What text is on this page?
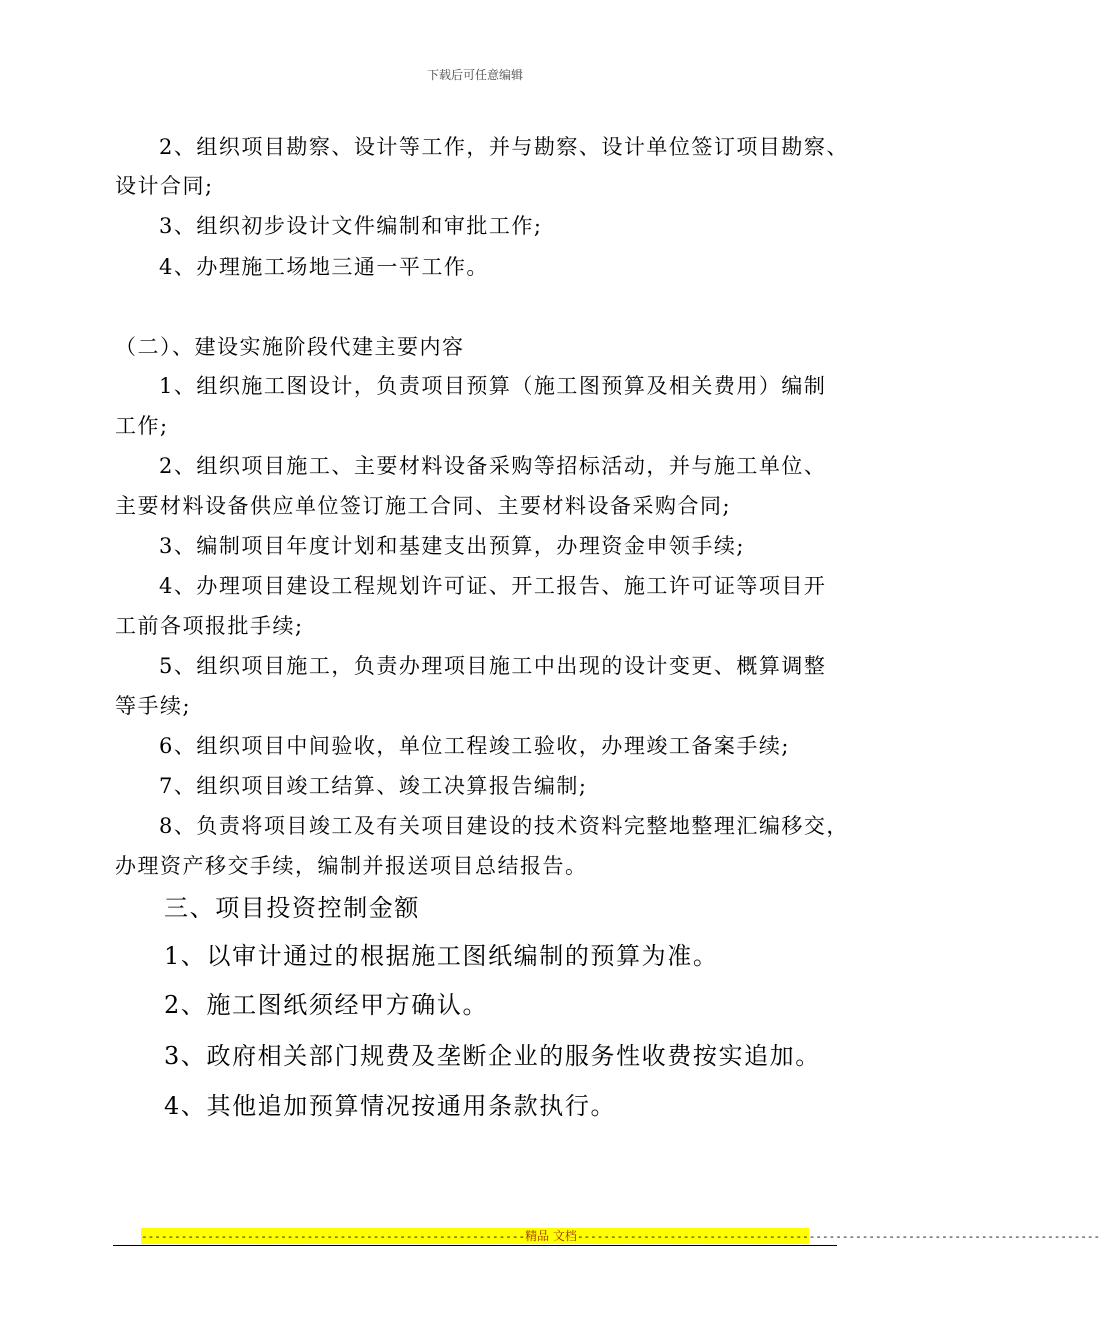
下载后可任意编辑
2、组织项目勘察、设计等工作，并与勘察、设计单位签订项目勘察、
设计合同;
3、组织初步设计文件编制和审批工作;
4、办理施工场地三通一平工作。
（二）、建设实施阶段代建主要内容
1、组织施工图设计，负责项目预算（施工图预算及相关费用）编制
工作;
2、组织项目施工、主要材料设备采购等招标活动，并与施工单位、
主要材料设备供应单位签订施工合同、主要材料设备采购合同;
3、编制项目年度计划和基建支出预算，办理资金申领手续;
4、办理项目建设工程规划许可证、开工报告、施工许可证等项目开
工前各项报批手续;
5、组织项目施工，负责办理项目施工中出现的设计变更、概算调整
等手续;
6、组织项目中间验收，单位工程竣工验收，办理竣工备案手续;
7、组织项目竣工结算、竣工决算报告编制;
8、负责将项目竣工及有关项目建设的技术资料完整地整理汇编移交，
办理资产移交手续，编制并报送项目总结报告。
三、项目投资控制金额
1、以审计通过的根据施工图纸编制的预算为准。
2、施工图纸须经甲方确认。
3、政府相关部门规费及垄断企业的服务性收费按实追加。
4、其他追加预算情况按通用条款执行。
----------------------------------------------------------精品 文档-------------------------------------------------------------------------------
